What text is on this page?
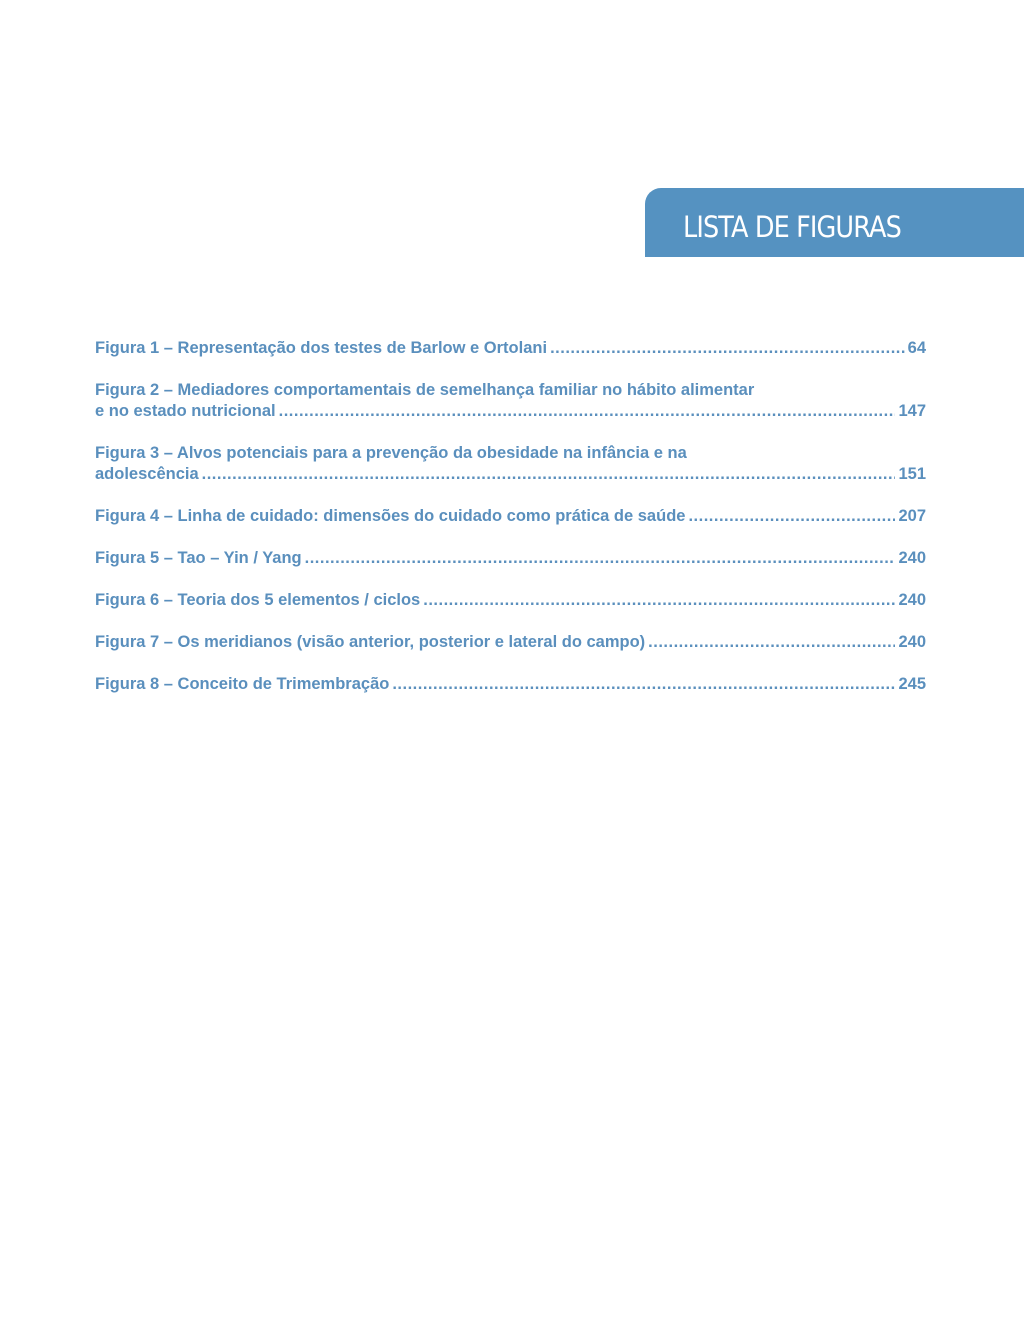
LISTA DE FIGURAS
Figura 1 – Representação dos testes de Barlow e Ortolani .....	64
Figura 2 – Mediadores comportamentais de semelhança familiar no hábito alimentar
e no estado nutricional .....	147
Figura 3 – Alvos potenciais para a prevenção da obesidade na infância e na
adolescência .....	151
Figura 4 – Linha de cuidado: dimensões do cuidado como prática de saúde .....	207
Figura 5 – Tao – Yin / Yang .....	240
Figura 6 – Teoria dos 5 elementos / ciclos .....	240
Figura 7 – Os meridianos (visão anterior, posterior e lateral do campo) .....	240
Figura 8 – Conceito de Trimembração .....	245
